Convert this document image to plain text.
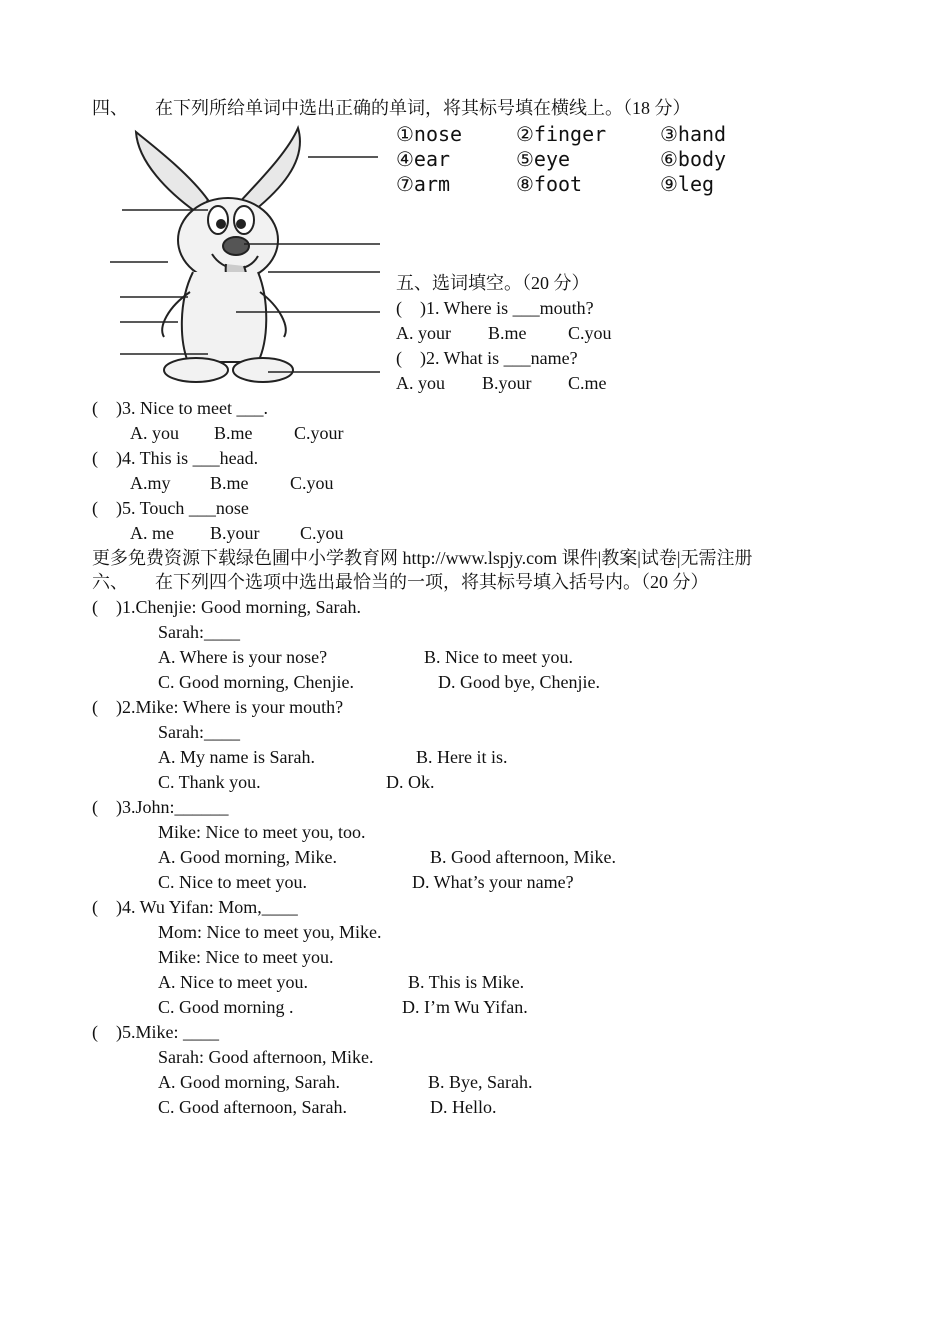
四、　　在下列所给单词中选出正确的单词，将其标号填在横线上。（18 分）
①nose	②finger	③hand
④ear	⑤eye	⑥body
⑦arm	⑧foot	⑨leg
五、选词填空。（20 分）
(　)1. Where is ___mouth?
A. your B.me C.you
(　)2. What is ___name?
A. you B.your C.me
(　)3. Nice to meet ___.
A. you B.me C.your
(　)4. This is ___head.
A.my B.me C.you
(　)5. Touch ___nose
A. me B.your C.you
更多免费资源下载绿色圃中小学教育网 http://www.lspjy.com 课件|教案|试卷|无需注册
六、　　在下列四个选项中选出最恰当的一项，将其标号填入括号内。（20 分）
(　)1.Chenjie: Good morning, Sarah.
Sarah:____
A. Where is your nose?	B. Nice to meet you.
C. Good morning, Chenjie.	D. Good bye, Chenjie.
(　)2.Mike: Where is your mouth?
Sarah:____
A. My name is Sarah.	B. Here it is.
C. Thank you.	D. Ok.
(　)3.John:______
Mike: Nice to meet you, too.
A. Good morning, Mike.	B. Good afternoon, Mike.
C. Nice to meet you.	D. What’s your name?
(　)4. Wu Yifan: Mom,____
Mom: Nice to meet you, Mike.
Mike: Nice to meet you.
A. Nice to meet you.	B. This is Mike.
C. Good morning .	D. I’m Wu Yifan.
(　)5.Mike: ____
Sarah: Good afternoon, Mike.
A. Good morning, Sarah.	B. Bye, Sarah.
C. Good afternoon, Sarah.	D. Hello.
